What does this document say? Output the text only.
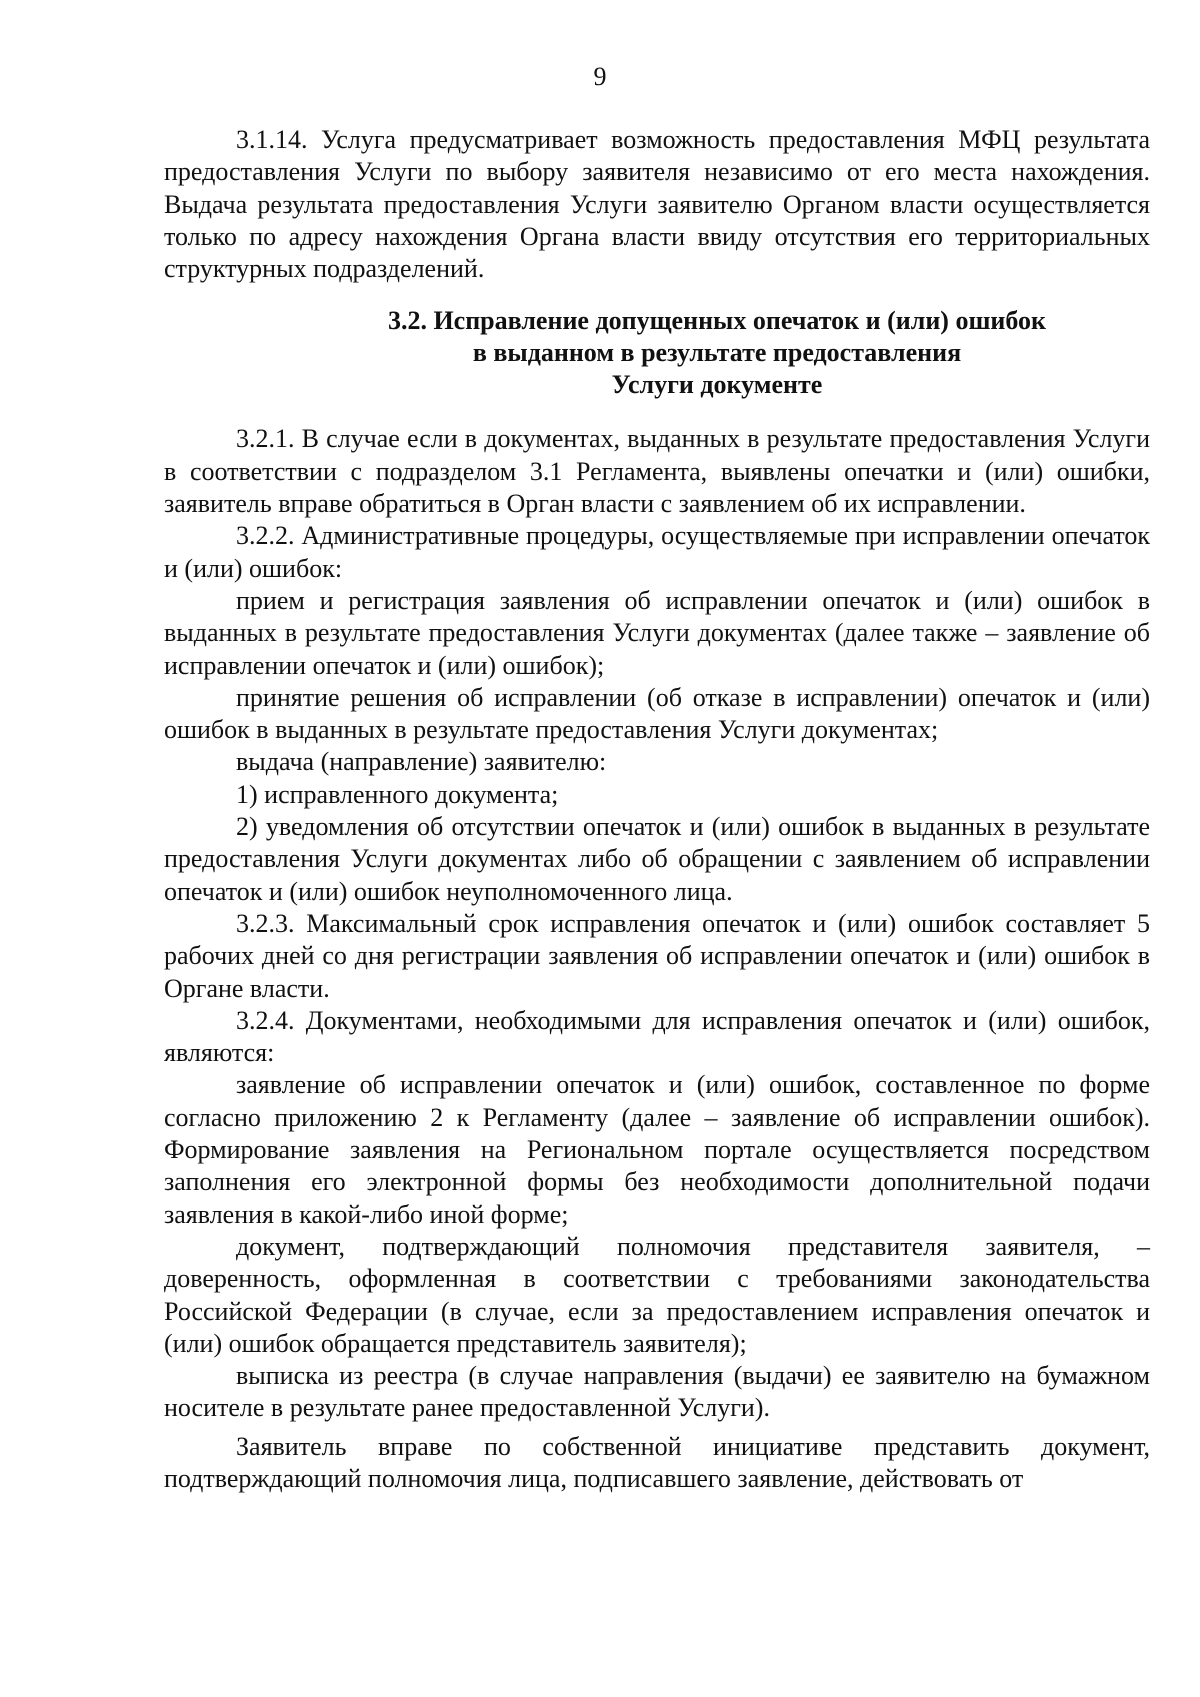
9

3.1.14. Услуга предусматривает возможность предоставления МФЦ результата предоставления Услуги по выбору заявителя независимо от его места нахождения. Выдача результата предоставления Услуги заявителю Органом власти осуществляется только по адресу нахождения Органа власти ввиду отсутствия его территориальных структурных подразделений.

3.2. Исправление допущенных опечаток и (или) ошибок
в выданном в результате предоставления
Услуги документе

3.2.1. В случае если в документах, выданных в результате предоставления Услуги в соответствии с подразделом 3.1 Регламента, выявлены опечатки и (или) ошибки, заявитель вправе обратиться в Орган власти с заявлением об их исправлении.

3.2.2. Административные процедуры, осуществляемые при исправлении опечаток и (или) ошибок:

прием и регистрация заявления об исправлении опечаток и (или) ошибок в выданных в результате предоставления Услуги документах (далее также – заявление об исправлении опечаток и (или) ошибок);

принятие решения об исправлении (об отказе в исправлении) опечаток и (или) ошибок в выданных в результате предоставления Услуги документах;

выдача (направление) заявителю:

1) исправленного документа;

2) уведомления об отсутствии опечаток и (или) ошибок в выданных в результате предоставления Услуги документах либо об обращении с заявлением об исправлении опечаток и (или) ошибок неуполномоченного лица.

3.2.3. Максимальный срок исправления опечаток и (или) ошибок составляет 5 рабочих дней со дня регистрации заявления об исправлении опечаток и (или) ошибок в Органе власти.

3.2.4. Документами, необходимыми для исправления опечаток и (или) ошибок, являются:

заявление об исправлении опечаток и (или) ошибок, составленное по форме согласно приложению 2 к Регламенту (далее – заявление об исправлении ошибок). Формирование заявления на Региональном портале осуществляется посредством заполнения его электронной формы без необходимости дополнительной подачи заявления в какой-либо иной форме;

документ, подтверждающий полномочия представителя заявителя, – доверенность, оформленная в соответствии с требованиями законодательства Российской Федерации (в случае, если за предоставлением исправления опечаток и (или) ошибок обращается представитель заявителя);

выписка из реестра (в случае направления (выдачи) ее заявителю на бумажном носителе в результате ранее предоставленной Услуги).

Заявитель вправе по собственной инициативе представить документ, подтверждающий полномочия лица, подписавшего заявление, действовать от
